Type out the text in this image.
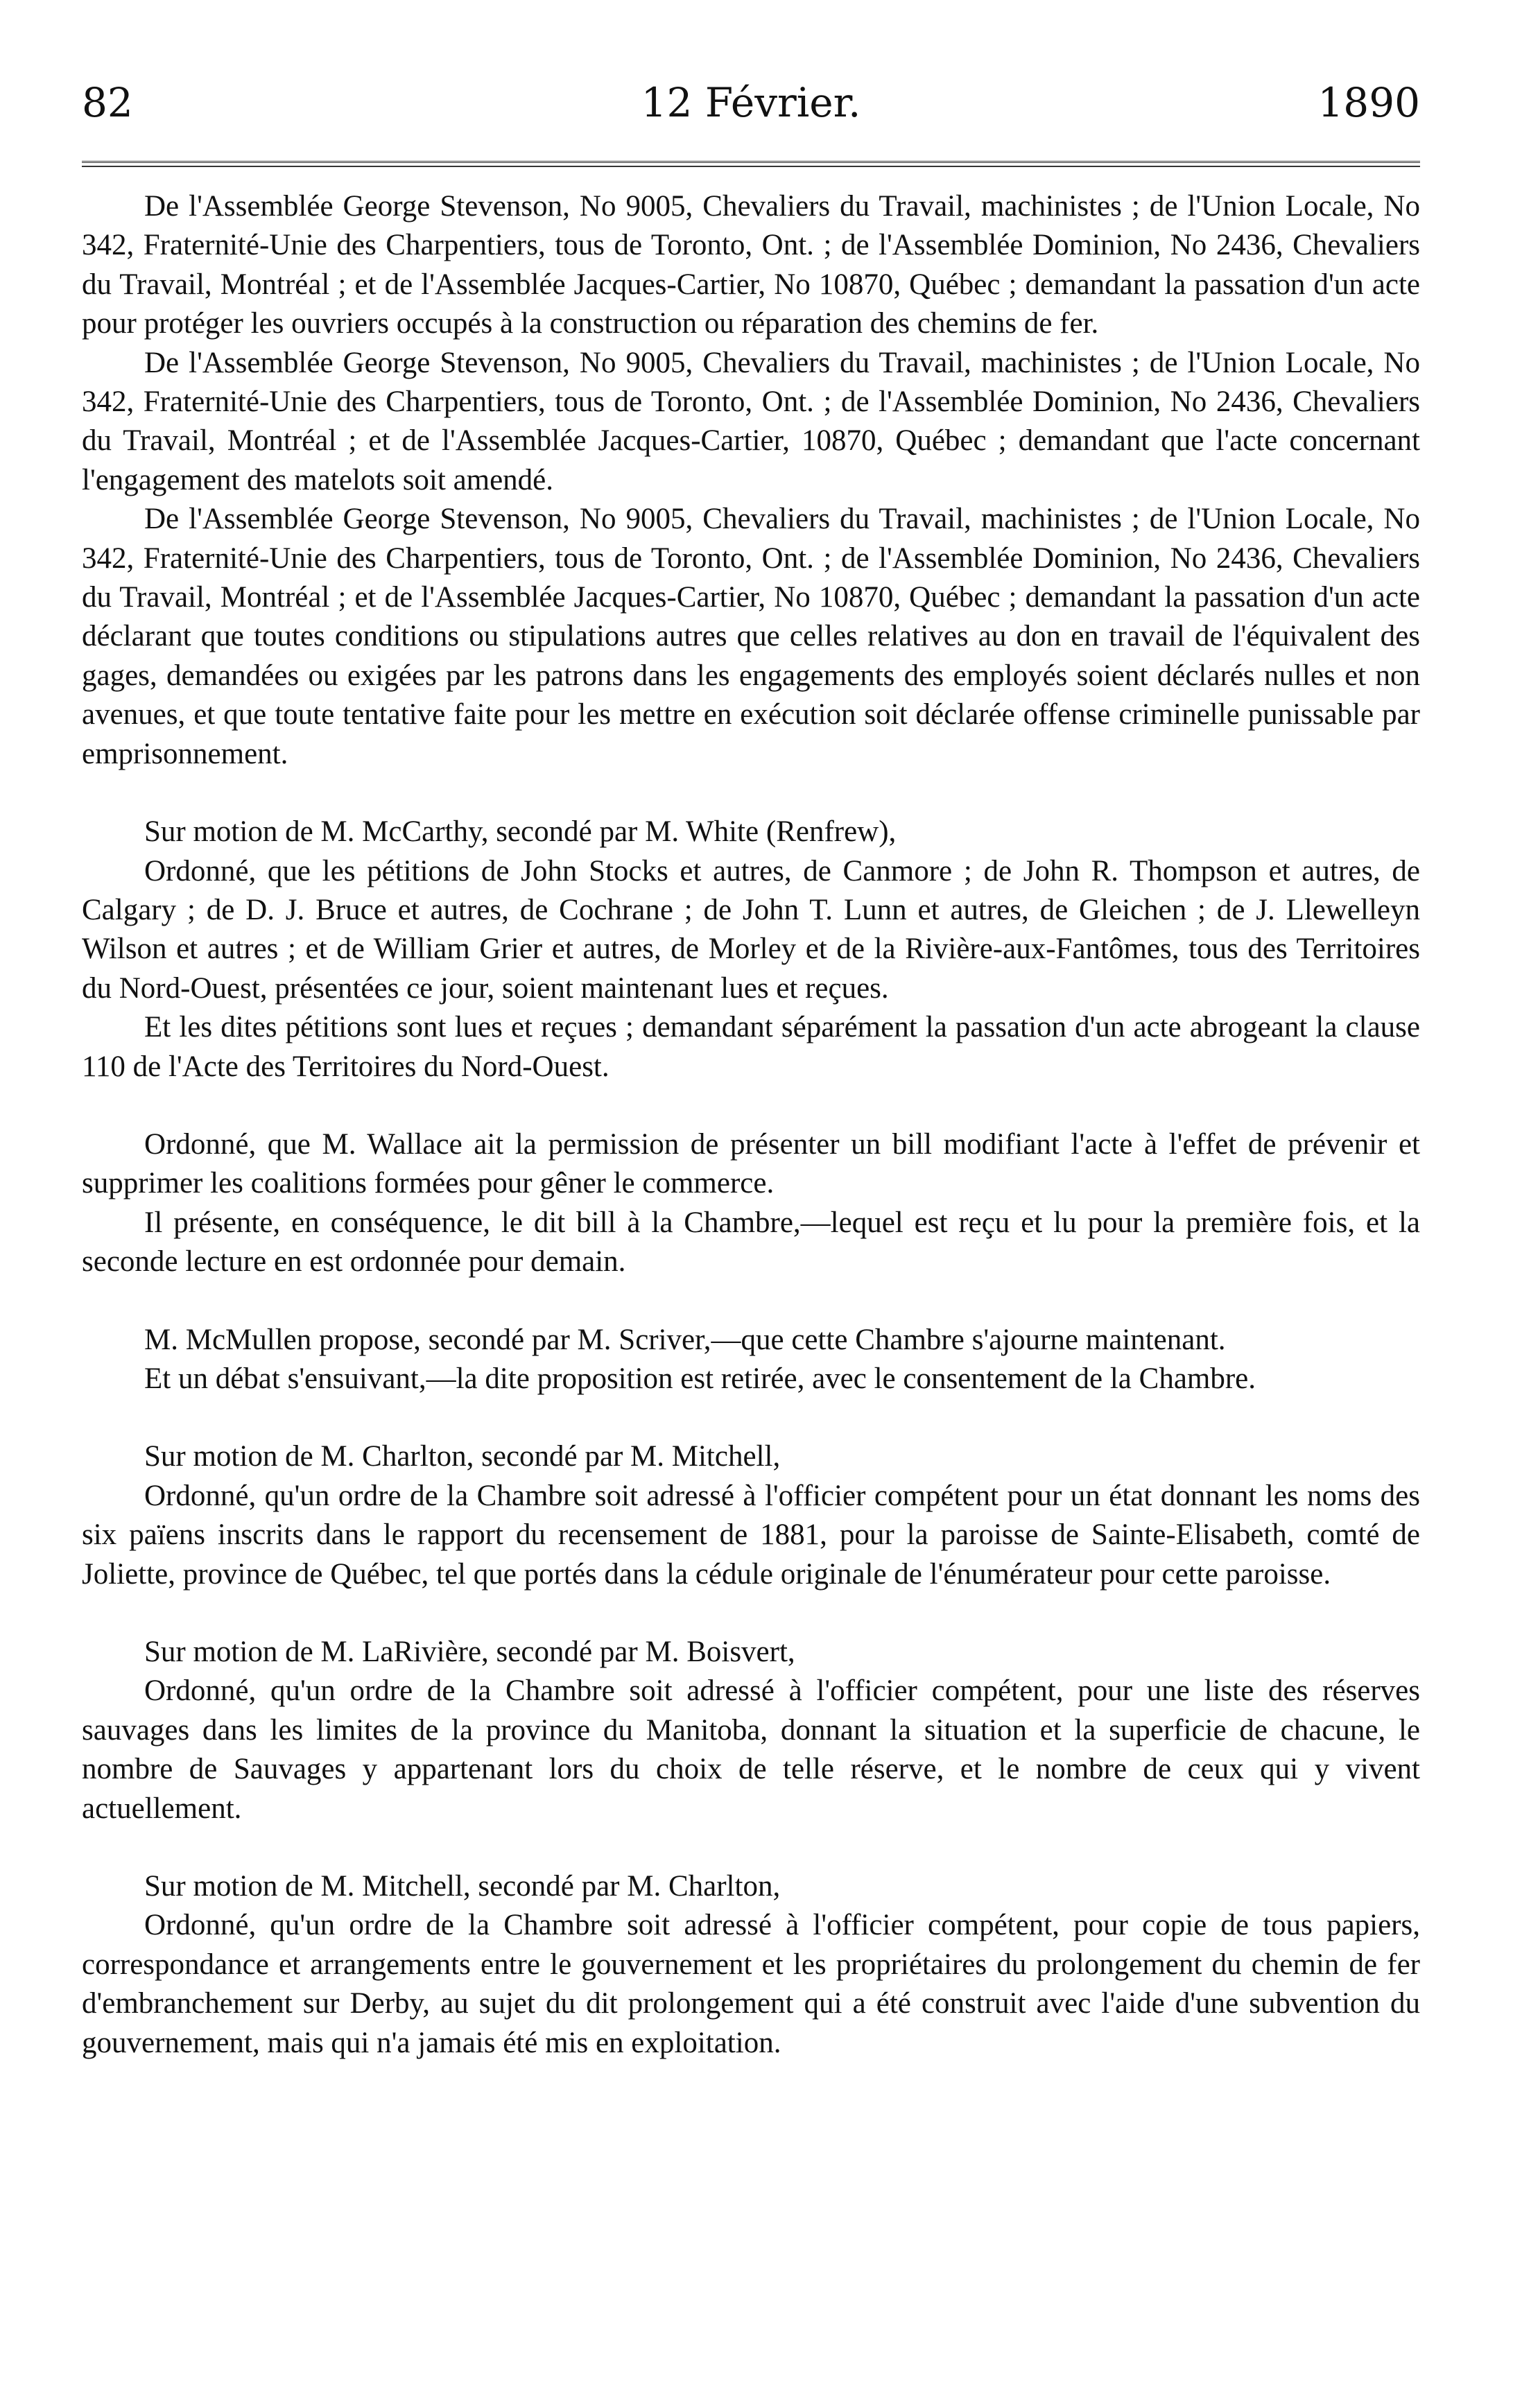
82	12 Février.	1890

De l'Assemblée George Stevenson, No 9005, Chevaliers du Travail, machinistes ; de l'Union Locale, No 342, Fraternité-Unie des Charpentiers, tous de Toronto, Ont. ; de l'Assemblée Dominion, No 2436, Chevaliers du Travail, Montréal ; et de l'Assemblée Jacques-Cartier, No 10870, Québec ; demandant la passation d'un acte pour protéger les ouvriers occupés à la construction ou réparation des chemins de fer.

De l'Assemblée George Stevenson, No 9005, Chevaliers du Travail, machinistes ; de l'Union Locale, No 342, Fraternité-Unie des Charpentiers, tous de Toronto, Ont. ; de l'Assemblée Dominion, No 2436, Chevaliers du Travail, Montréal ; et de l'Assemblée Jacques-Cartier, 10870, Québec ; demandant que l'acte concernant l'engagement des matelots soit amendé.

De l'Assemblée George Stevenson, No 9005, Chevaliers du Travail, machinistes ; de l'Union Locale, No 342, Fraternité-Unie des Charpentiers, tous de Toronto, Ont. ; de l'Assemblée Dominion, No 2436, Chevaliers du Travail, Montréal ; et de l'Assemblée Jacques-Cartier, No 10870, Québec ; demandant la passation d'un acte déclarant que toutes conditions ou stipulations autres que celles relatives au don en travail de l'équivalent des gages, demandées ou exigées par les patrons dans les engagements des employés soient déclarés nulles et non avenues, et que toute tentative faite pour les mettre en exécution soit déclarée offense criminelle punissable par emprisonnement.

Sur motion de M. McCarthy, secondé par M. White (Renfrew),

Ordonné, que les pétitions de John Stocks et autres, de Canmore ; de John R. Thompson et autres, de Calgary ; de D. J. Bruce et autres, de Cochrane ; de John T. Lunn et autres, de Gleichen ; de J. Llewelleyn Wilson et autres ; et de William Grier et autres, de Morley et de la Rivière-aux-Fantômes, tous des Territoires du Nord-Ouest, présentées ce jour, soient maintenant lues et reçues.

Et les dites pétitions sont lues et reçues ; demandant séparément la passation d'un acte abrogeant la clause 110 de l'Acte des Territoires du Nord-Ouest.

Ordonné, que M. Wallace ait la permission de présenter un bill modifiant l'acte à l'effet de prévenir et supprimer les coalitions formées pour gêner le commerce.

Il présente, en conséquence, le dit bill à la Chambre,—lequel est reçu et lu pour la première fois, et la seconde lecture en est ordonnée pour demain.

M. McMullen propose, secondé par M. Scriver,—que cette Chambre s'ajourne maintenant.

Et un débat s'ensuivant,—la dite proposition est retirée, avec le consentement de la Chambre.

Sur motion de M. Charlton, secondé par M. Mitchell,

Ordonné, qu'un ordre de la Chambre soit adressé à l'officier compétent pour un état donnant les noms des six païens inscrits dans le rapport du recensement de 1881, pour la paroisse de Sainte-Elisabeth, comté de Joliette, province de Québec, tel que portés dans la cédule originale de l'énumérateur pour cette paroisse.

Sur motion de M. LaRivière, secondé par M. Boisvert,

Ordonné, qu'un ordre de la Chambre soit adressé à l'officier compétent, pour une liste des réserves sauvages dans les limites de la province du Manitoba, donnant la situation et la superficie de chacune, le nombre de Sauvages y appartenant lors du choix de telle réserve, et le nombre de ceux qui y vivent actuellement.

Sur motion de M. Mitchell, secondé par M. Charlton,

Ordonné, qu'un ordre de la Chambre soit adressé à l'officier compétent, pour copie de tous papiers, correspondance et arrangements entre le gouvernement et les propriétaires du prolongement du chemin de fer d'embranchement sur Derby, au sujet du dit prolongement qui a été construit avec l'aide d'une subvention du gouvernement, mais qui n'a jamais été mis en exploitation.
